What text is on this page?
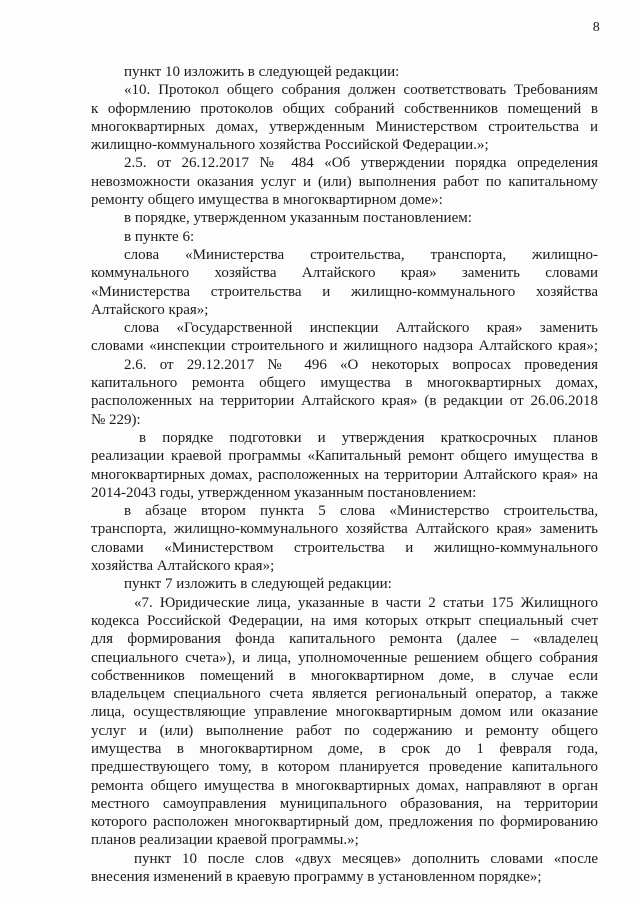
8
пункт 10 изложить в следующей редакции:
«10. Протокол общего собрания должен соответствовать Требованиям
к оформлению протоколов общих собраний собственников помещений в
многоквартирных домах, утвержденным Министерством строительства и
жилищно-коммунального хозяйства Российской Федерации.»;
2.5. от 26.12.2017 № 484 «Об утверждении порядка определения
невозможности оказания услуг и (или) выполнения работ по капитальному
ремонту общего имущества в многоквартирном доме»:
в порядке, утвержденном указанным постановлением:
в пункте 6:
слова «Министерства строительства, транспорта, жилищно-
коммунального хозяйства Алтайского края» заменить словами
«Министерства строительства и жилищно-коммунального хозяйства
Алтайского края»;
слова «Государственной инспекции Алтайского края» заменить
словами «инспекции строительного и жилищного надзора Алтайского края»;
2.6. от 29.12.2017 № 496 «О некоторых вопросах проведения
капитального ремонта общего имущества в многоквартирных домах,
расположенных на территории Алтайского края» (в редакции от 26.06.2018
№ 229):
в порядке подготовки и утверждения краткосрочных планов
реализации краевой программы «Капитальный ремонт общего имущества в
многоквартирных домах, расположенных на территории Алтайского края» на
2014-2043 годы, утвержденном указанным постановлением:
в абзаце втором пункта 5 слова «Министерство строительства,
транспорта, жилищно-коммунального хозяйства Алтайского края» заменить
словами «Министерством строительства и жилищно-коммунального
хозяйства Алтайского края»;
пункт 7 изложить в следующей редакции:
«7. Юридические лица, указанные в части 2 статьи 175 Жилищного
кодекса Российской Федерации, на имя которых открыт специальный счет
для формирования фонда капитального ремонта (далее – «владелец
специального счета»), и лица, уполномоченные решением общего собрания
собственников помещений в многоквартирном доме, в случае если
владельцем специального счета является региональный оператор, а также
лица, осуществляющие управление многоквартирным домом или оказание
услуг и (или) выполнение работ по содержанию и ремонту общего
имущества в многоквартирном доме, в срок до 1 февраля года,
предшествующего тому, в котором планируется проведение капитального
ремонта общего имущества в многоквартирных домах, направляют в орган
местного самоуправления муниципального образования, на территории
которого расположен многоквартирный дом, предложения по формированию
планов реализации краевой программы.»;
пункт 10 после слов «двух месяцев» дополнить словами «после
внесения изменений в краевую программу в установленном порядке»;
